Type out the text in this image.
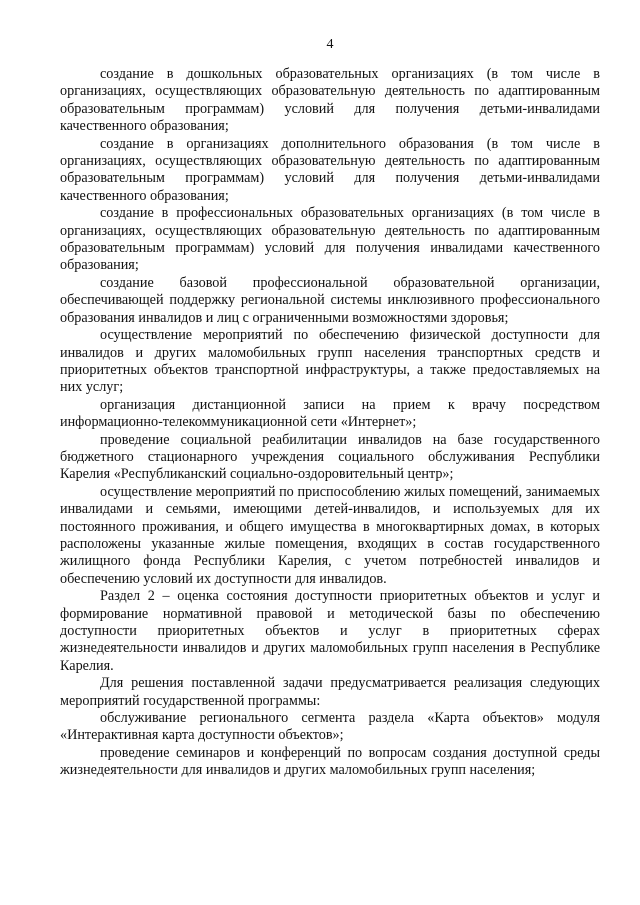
4

создание в дошкольных образовательных организациях (в том числе в организациях, осуществляющих образовательную деятельность по адаптированным образовательным программам) условий для получения детьми-инвалидами качественного образования;

создание в организациях дополнительного образования (в том числе в организациях, осуществляющих образовательную деятельность по адаптированным образовательным программам) условий для получения детьми-инвалидами качественного образования;

создание в профессиональных образовательных организациях (в том числе в организациях, осуществляющих образовательную деятельность по адаптированным образовательным программам) условий для получения инвалидами качественного образования;

создание базовой профессиональной образовательной организации, обеспечивающей поддержку региональной системы инклюзивного профессионального образования инвалидов и лиц с ограниченными возможностями здоровья;

осуществление мероприятий по обеспечению физической доступности для инвалидов и других маломобильных групп населения транспортных средств и приоритетных объектов транспортной инфраструктуры, а также предоставляемых на них услуг;

организация дистанционной записи на прием к врачу посредством информационно-телекоммуникационной сети «Интернет»;

проведение социальной реабилитации инвалидов на базе государственного бюджетного стационарного учреждения социального обслуживания Республики Карелия «Республиканский социально-оздоровительный центр»;

осуществление мероприятий по приспособлению жилых помещений, занимаемых инвалидами и семьями, имеющими детей-инвалидов, и используемых для их постоянного проживания, и общего имущества в многоквартирных домах, в которых расположены указанные жилые помещения, входящих в состав государственного жилищного фонда Республики Карелия, с учетом потребностей инвалидов и обеспечению условий их доступности для инвалидов.

Раздел 2 – оценка состояния доступности приоритетных объектов и услуг и формирование нормативной правовой и методической базы по обеспечению доступности приоритетных объектов и услуг в приоритетных сферах жизнедеятельности инвалидов и других маломобильных групп населения в Республике Карелия.

Для решения поставленной задачи предусматривается реализация следующих мероприятий государственной программы:

обслуживание регионального сегмента раздела «Карта объектов» модуля «Интерактивная карта доступности объектов»;

проведение семинаров и конференций по вопросам создания доступной среды жизнедеятельности для инвалидов и других маломобильных групп населения;
